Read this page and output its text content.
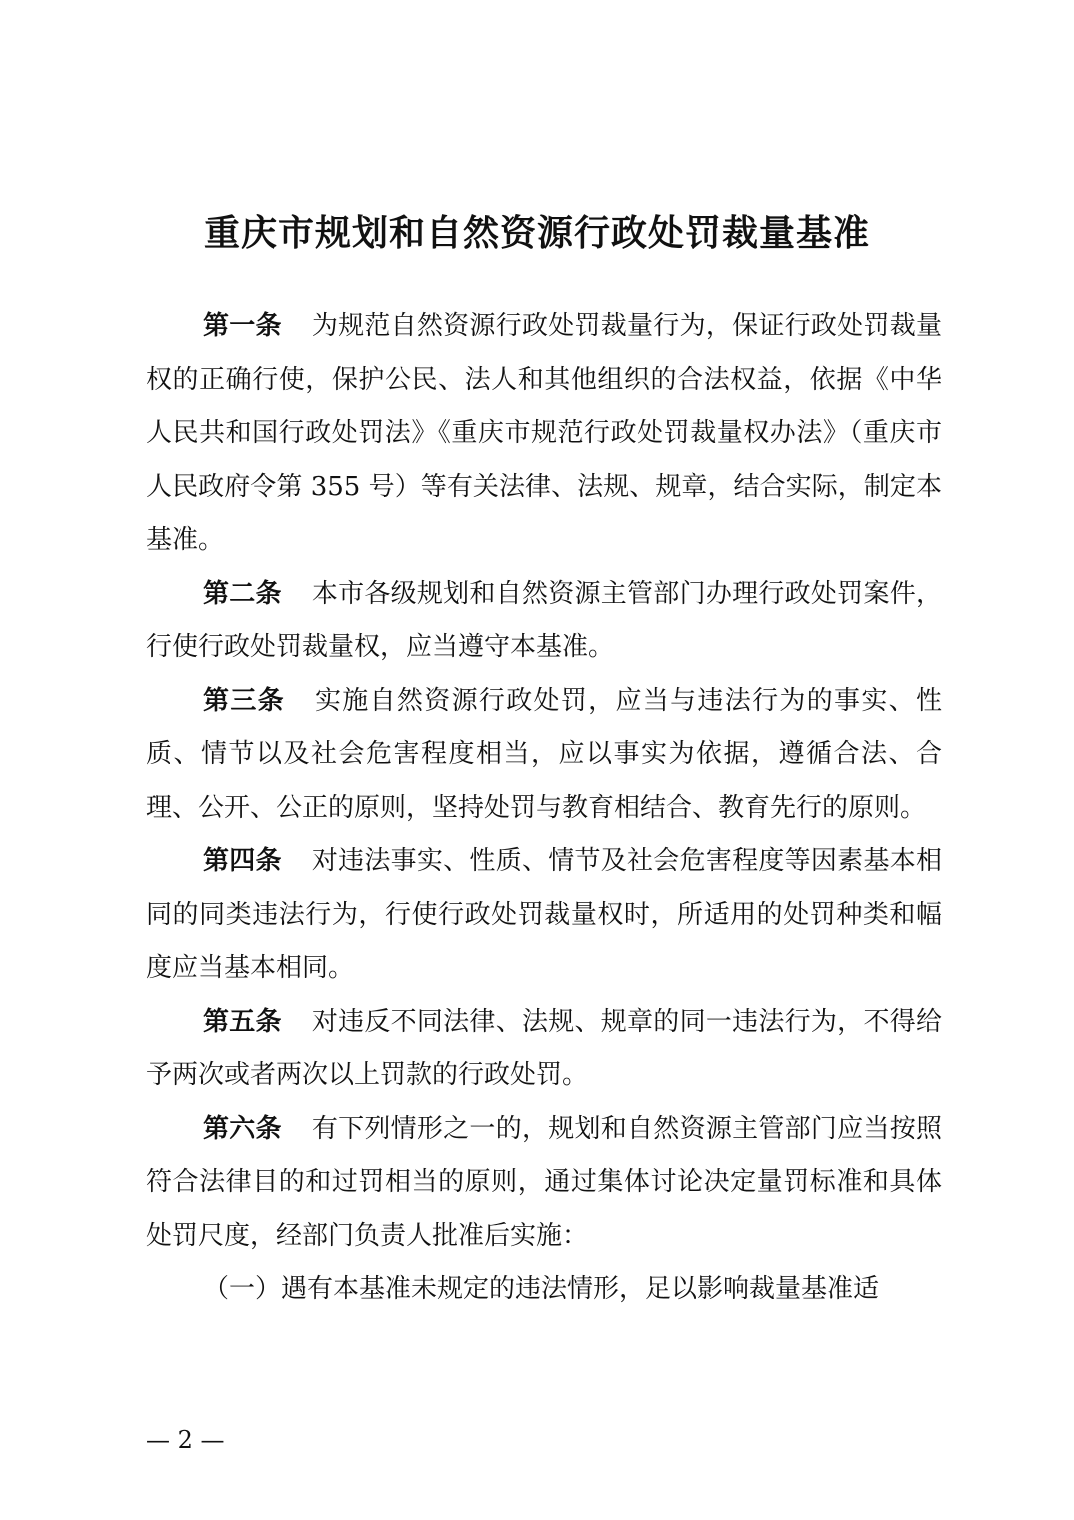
重庆市规划和自然资源行政处罚裁量基准

第一条 为规范自然资源行政处罚裁量行为，保证行政处罚裁量权的正确行使，保护公民、法人和其他组织的合法权益，依据《中华人民共和国行政处罚法》《重庆市规范行政处罚裁量权办法》（重庆市人民政府令第 355 号）等有关法律、法规、规章，结合实际，制定本基准。

第二条 本市各级规划和自然资源主管部门办理行政处罚案件，行使行政处罚裁量权，应当遵守本基准。

第三条 实施自然资源行政处罚，应当与违法行为的事实、性质、情节以及社会危害程度相当，应以事实为依据，遵循合法、合理、公开、公正的原则，坚持处罚与教育相结合、教育先行的原则。

第四条 对违法事实、性质、情节及社会危害程度等因素基本相同的同类违法行为，行使行政处罚裁量权时，所适用的处罚种类和幅度应当基本相同。

第五条 对违反不同法律、法规、规章的同一违法行为，不得给予两次或者两次以上罚款的行政处罚。

第六条 有下列情形之一的，规划和自然资源主管部门应当按照符合法律目的和过罚相当的原则，通过集体讨论决定量罚标准和具体处罚尺度，经部门负责人批准后实施：

（一）遇有本基准未规定的违法情形，足以影响裁量基准适

— 2 —
